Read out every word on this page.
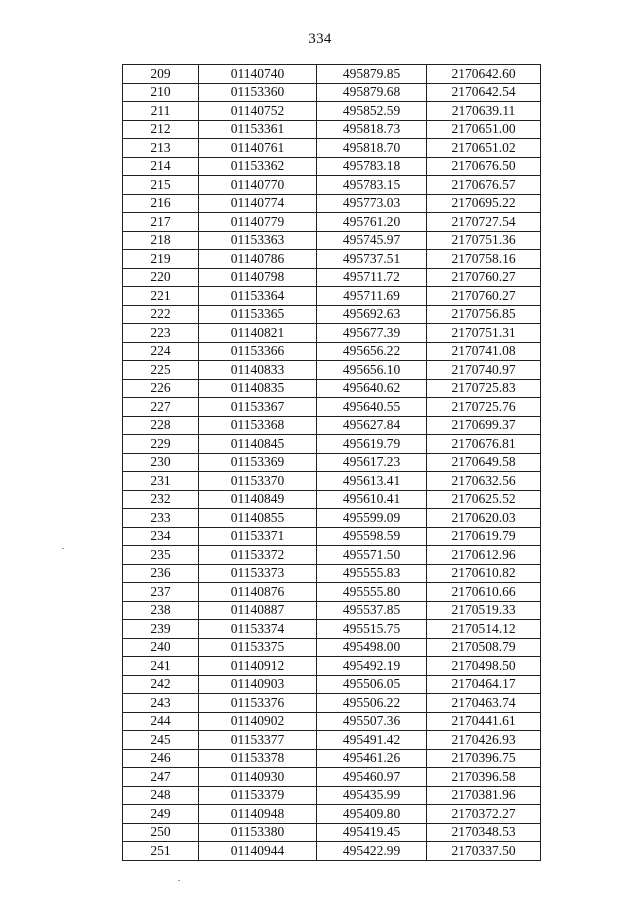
334
209	01140740	495879.85	2170642.60
210	01153360	495879.68	2170642.54
211	01140752	495852.59	2170639.11
212	01153361	495818.73	2170651.00
213	01140761	495818.70	2170651.02
214	01153362	495783.18	2170676.50
215	01140770	495783.15	2170676.57
216	01140774	495773.03	2170695.22
217	01140779	495761.20	2170727.54
218	01153363	495745.97	2170751.36
219	01140786	495737.51	2170758.16
220	01140798	495711.72	2170760.27
221	01153364	495711.69	2170760.27
222	01153365	495692.63	2170756.85
223	01140821	495677.39	2170751.31
224	01153366	495656.22	2170741.08
225	01140833	495656.10	2170740.97
226	01140835	495640.62	2170725.83
227	01153367	495640.55	2170725.76
228	01153368	495627.84	2170699.37
229	01140845	495619.79	2170676.81
230	01153369	495617.23	2170649.58
231	01153370	495613.41	2170632.56
232	01140849	495610.41	2170625.52
233	01140855	495599.09	2170620.03
234	01153371	495598.59	2170619.79
235	01153372	495571.50	2170612.96
236	01153373	495555.83	2170610.82
237	01140876	495555.80	2170610.66
238	01140887	495537.85	2170519.33
239	01153374	495515.75	2170514.12
240	01153375	495498.00	2170508.79
241	01140912	495492.19	2170498.50
242	01140903	495506.05	2170464.17
243	01153376	495506.22	2170463.74
244	01140902	495507.36	2170441.61
245	01153377	495491.42	2170426.93
246	01153378	495461.26	2170396.75
247	01140930	495460.97	2170396.58
248	01153379	495435.99	2170381.96
249	01140948	495409.80	2170372.27
250	01153380	495419.45	2170348.53
251	01140944	495422.99	2170337.50
